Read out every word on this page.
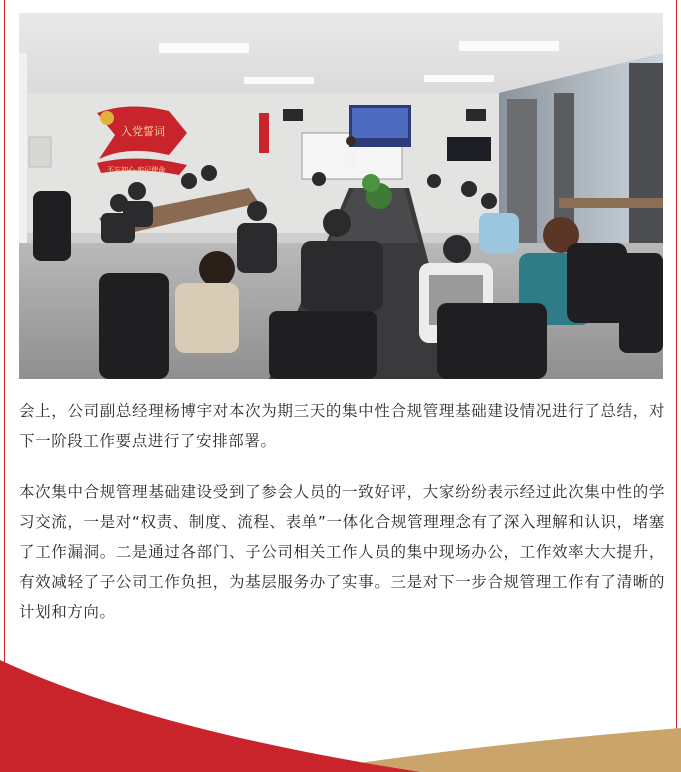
入党誓词
不忘初心 牢记使命

会上，公司副总经理杨博宇对本次为期三天的集中性合规管理基础建设情况进行了总结，对下一阶段工作要点进行了安排部署。

本次集中合规管理基础建设受到了参会人员的一致好评，大家纷纷表示经过此次集中性的学习交流，一是对“权责、制度、流程、表单”一体化合规管理理念有了深入理解和认识，堵塞了工作漏洞。二是通过各部门、子公司相关工作人员的集中现场办公，工作效率大大提升，有效减轻了子公司工作负担，为基层服务办了实事。三是对下一步合规管理工作有了清晰的计划和方向。
